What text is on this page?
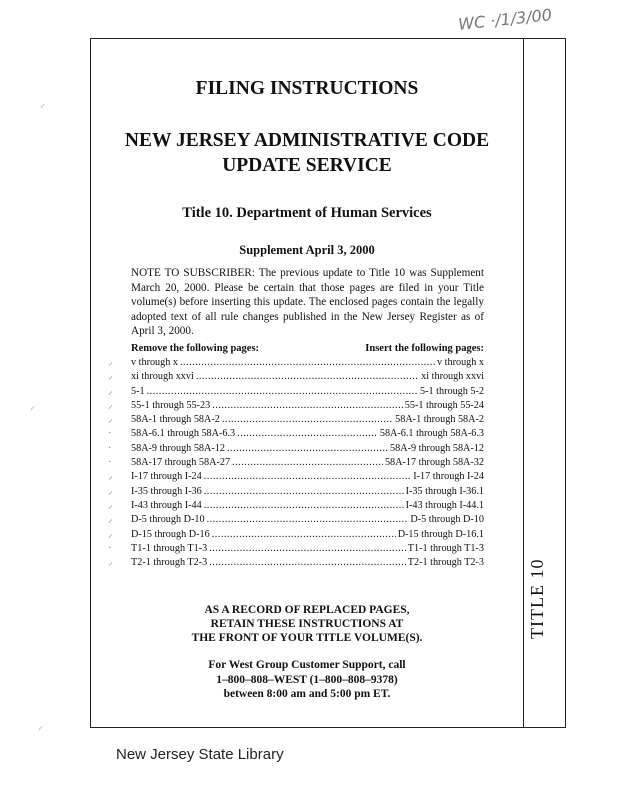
WC ·/1/3/00
TITLE 10
FILING INSTRUCTIONS
NEW JERSEY ADMINISTRATIVE CODE
UPDATE SERVICE
Title 10. Department of Human Services
Supplement April 3, 2000
NOTE TO SUBSCRIBER: The previous update to Title 10 was Supplement March 20, 2000. Please be certain that those pages are filed in your Title volume(s) before inserting this update. The enclosed pages contain the legally adopted text of all rule changes published in the New Jersey Register as of April 3, 2000.
Remove the following pages:	Insert the following pages:
⸝
⸝
⸝
⸝
⸝
·
·
·
⸝
⸝
⸝
⸝
⸝
·
⸝
v through x .....	v through x
xi through xxvi .....	xi through xxvi
5-1 .....	5-1 through 5-2
55-1 through 55-23 .....	55-1 through 55-24
58A-1 through 58A-2 .....	58A-1 through 58A-2
58A-6.1 through 58A-6.3 .....	58A-6.1 through 58A-6.3
58A-9 through 58A-12 .....	58A-9 through 58A-12
58A-17 through 58A-27 .....	58A-17 through 58A-32
I-17 through I-24 .....	I-17 through I-24
I-35 through I-36 .....	I-35 through I-36.1
I-43 through I-44 .....	I-43 through I-44.1
D-5 through D-10 .....	D-5 through D-10
D-15 through D-16 .....	D-15 through D-16.1
T1-1 through T1-3 .....	T1-1 through T1-3
T2-1 through T2-3 .....	T2-1 through T2-3
AS A RECORD OF REPLACED PAGES,
RETAIN THESE INSTRUCTIONS AT
THE FRONT OF YOUR TITLE VOLUME(S).
For West Group Customer Support, call
1–800–808–WEST (1–800–808–9378)
between 8:00 am and 5:00 pm ET.
⸝
⸝
⸝
New Jersey State Library
